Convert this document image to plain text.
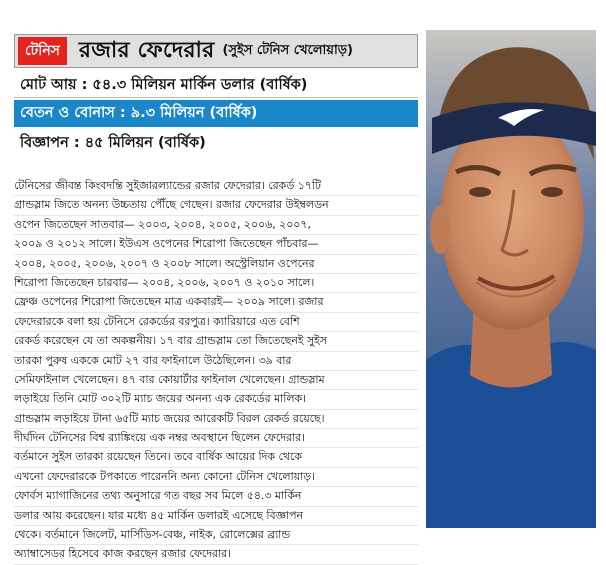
টেনিস রজার ফেদেরার (সুইস টেনিস খেলোয়াড়)
মোট আয় : ৫৪.৩ মিলিয়ন মার্কিন ডলার (বার্ষিক)
বেতন ও বোনাস : ৯.৩ মিলিয়ন (বার্ষিক)
বিজ্ঞাপন : ৪৫ মিলিয়ন (বার্ষিক)
টেনিসের জীবন্ত কিংবদন্তি সুইজারল্যান্ডের রজার ফেদেরার। রেকর্ড ১৭টি
গ্রান্ডস্লাম জিতে অনন্য উচ্চতায় পৌঁছে গেছেন। রজার ফেদেরার উইম্বলডন
ওপেন জিতেছেন সাতবার— ২০০৩, ২০০৪, ২০০৫, ২০০৬, ২০০৭,
২০০৯ ও ২০১২ সালে। ইউএস ওপেনের শিরোপা জিতেছেন পাঁচবার—
২০০৪, ২০০৫, ২০০৬, ২০০৭ ও ২০০৮ সালে। অস্ট্রেলিয়ান ওপেনের
শিরোপা জিতেছেন চারবার— ২০০৪, ২০০৬, ২০০৭ ও ২০১০ সালে।
ফ্রেঞ্চ ওপেনের শিরোপা জিতেছেন মাত্র একবারই— ২০০৯ সালে। রজার
ফেদেরারকে বলা হয় টেনিসে রেকর্ডের বরপুত্র। ক্যারিয়ারে এত বেশি
রেকর্ড করেছেন যে তা অকল্পনীয়। ১৭ বার গ্রান্ডস্লাম তো জিতেছেনই সুইস
তারকা পুরুষ এককে মোট ২৭ বার ফাইনালে উঠেছিলেন। ৩৯ বার
সেমিফাইনাল খেলেছেন। ৪৭ বার কোয়ার্টার ফাইনাল খেলেছেন। গ্রান্ডস্লাম
লড়াইয়ে তিনি মোট ৩০২টি ম্যাচ জয়ের অনন্য এক রেকর্ডের মালিক।
গ্রান্ডস্লাম লড়াইয়ে টানা ৬৫টি ম্যাচ জয়ের আরেকটি বিরল রেকর্ড রয়েছে।
দীর্ঘদিন টেনিসের বিশ্ব র‍্যাঙ্কিংয়ে এক নম্বর অবস্থানে ছিলেন ফেদেরার।
বর্তমানে সুইস তারকা রয়েছেন তিনে। তবে বার্ষিক আয়ের দিক থেকে
এখনো ফেদেরারকে টপকাতে পারেননি অন্য কোনো টেনিস খেলোয়াড়।
ফোর্বস ম্যাগাজিনের তথ্য অনুসারে গত বছর সব মিলে ৫৪.৩ মার্কিন
ডলার আয় করেছেন। যার মধ্যে ৪৫ মার্কিন ডলারই এসেছে বিজ্ঞাপন
থেকে। বর্তমানে জিলেট, মার্সিডিস-বেঞ্চ, নাইক, রোলেক্সের ব্র্যান্ড
অ্যাম্বাসেডর হিসেবে কাজ করছেন রজার ফেদেরার।
